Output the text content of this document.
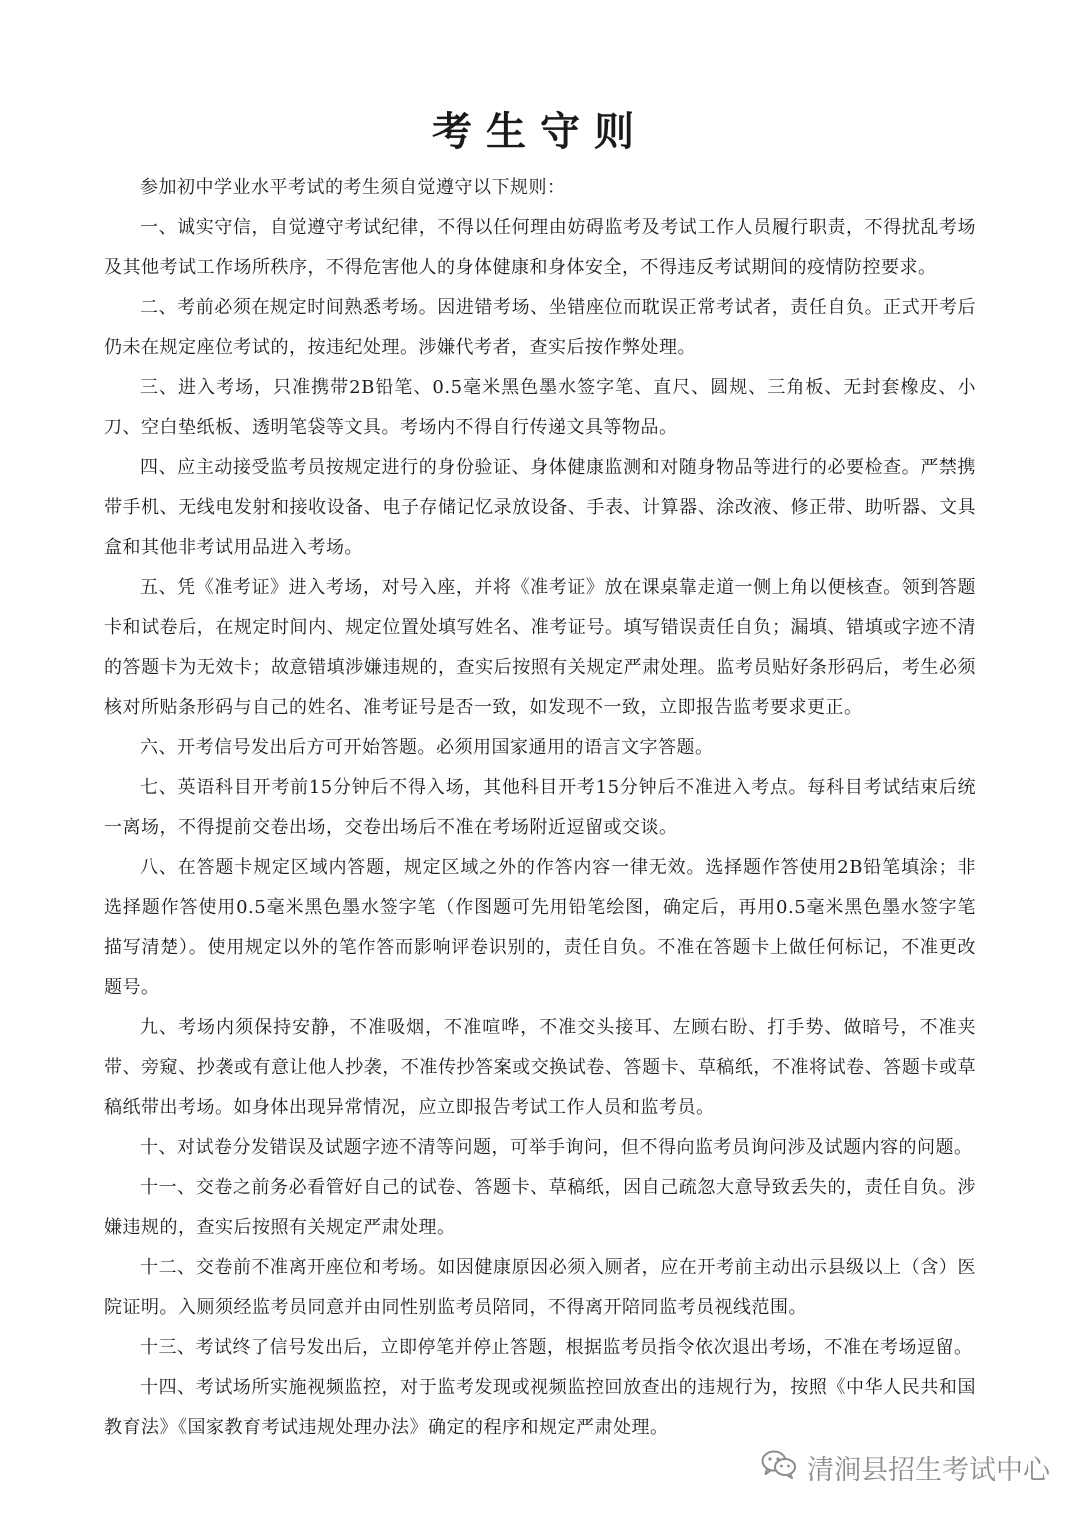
考生守则

参加初中学业水平考试的考生须自觉遵守以下规则：

一、诚实守信，自觉遵守考试纪律，不得以任何理由妨碍监考及考试工作人员履行职责，不得扰乱考场及其他考试工作场所秩序，不得危害他人的身体健康和身体安全，不得违反考试期间的疫情防控要求。

二、考前必须在规定时间熟悉考场。因进错考场、坐错座位而耽误正常考试者，责任自负。正式开考后仍未在规定座位考试的，按违纪处理。涉嫌代考者，查实后按作弊处理。

三、进入考场，只准携带2B铅笔、0.5毫米黑色墨水签字笔、直尺、圆规、三角板、无封套橡皮、小刀、空白垫纸板、透明笔袋等文具。考场内不得自行传递文具等物品。

四、应主动接受监考员按规定进行的身份验证、身体健康监测和对随身物品等进行的必要检查。严禁携带手机、无线电发射和接收设备、电子存储记忆录放设备、手表、计算器、涂改液、修正带、助听器、文具盒和其他非考试用品进入考场。

五、凭《准考证》进入考场，对号入座，并将《准考证》放在课桌靠走道一侧上角以便核查。领到答题卡和试卷后，在规定时间内、规定位置处填写姓名、准考证号。填写错误责任自负；漏填、错填或字迹不清的答题卡为无效卡；故意错填涉嫌违规的，查实后按照有关规定严肃处理。监考员贴好条形码后，考生必须核对所贴条形码与自己的姓名、准考证号是否一致，如发现不一致，立即报告监考要求更正。

六、开考信号发出后方可开始答题。必须用国家通用的语言文字答题。

七、英语科目开考前15分钟后不得入场，其他科目开考15分钟后不准进入考点。每科目考试结束后统一离场，不得提前交卷出场，交卷出场后不准在考场附近逗留或交谈。

八、在答题卡规定区域内答题，规定区域之外的作答内容一律无效。选择题作答使用2B铅笔填涂；非选择题作答使用0.5毫米黑色墨水签字笔（作图题可先用铅笔绘图，确定后，再用0.5毫米黑色墨水签字笔描写清楚）。使用规定以外的笔作答而影响评卷识别的，责任自负。不准在答题卡上做任何标记，不准更改题号。

九、考场内须保持安静，不准吸烟，不准喧哗，不准交头接耳、左顾右盼、打手势、做暗号，不准夹带、旁窥、抄袭或有意让他人抄袭，不准传抄答案或交换试卷、答题卡、草稿纸，不准将试卷、答题卡或草稿纸带出考场。如身体出现异常情况，应立即报告考试工作人员和监考员。

十、对试卷分发错误及试题字迹不清等问题，可举手询问，但不得向监考员询问涉及试题内容的问题。

十一、交卷之前务必看管好自己的试卷、答题卡、草稿纸，因自己疏忽大意导致丢失的，责任自负。涉嫌违规的，查实后按照有关规定严肃处理。

十二、交卷前不准离开座位和考场。如因健康原因必须入厕者，应在开考前主动出示县级以上（含）医院证明。入厕须经监考员同意并由同性别监考员陪同，不得离开陪同监考员视线范围。

十三、考试终了信号发出后，立即停笔并停止答题，根据监考员指令依次退出考场，不准在考场逗留。

十四、考试场所实施视频监控，对于监考发现或视频监控回放查出的违规行为，按照《中华人民共和国教育法》《国家教育考试违规处理办法》确定的程序和规定严肃处理。

清涧县招生考试中心
